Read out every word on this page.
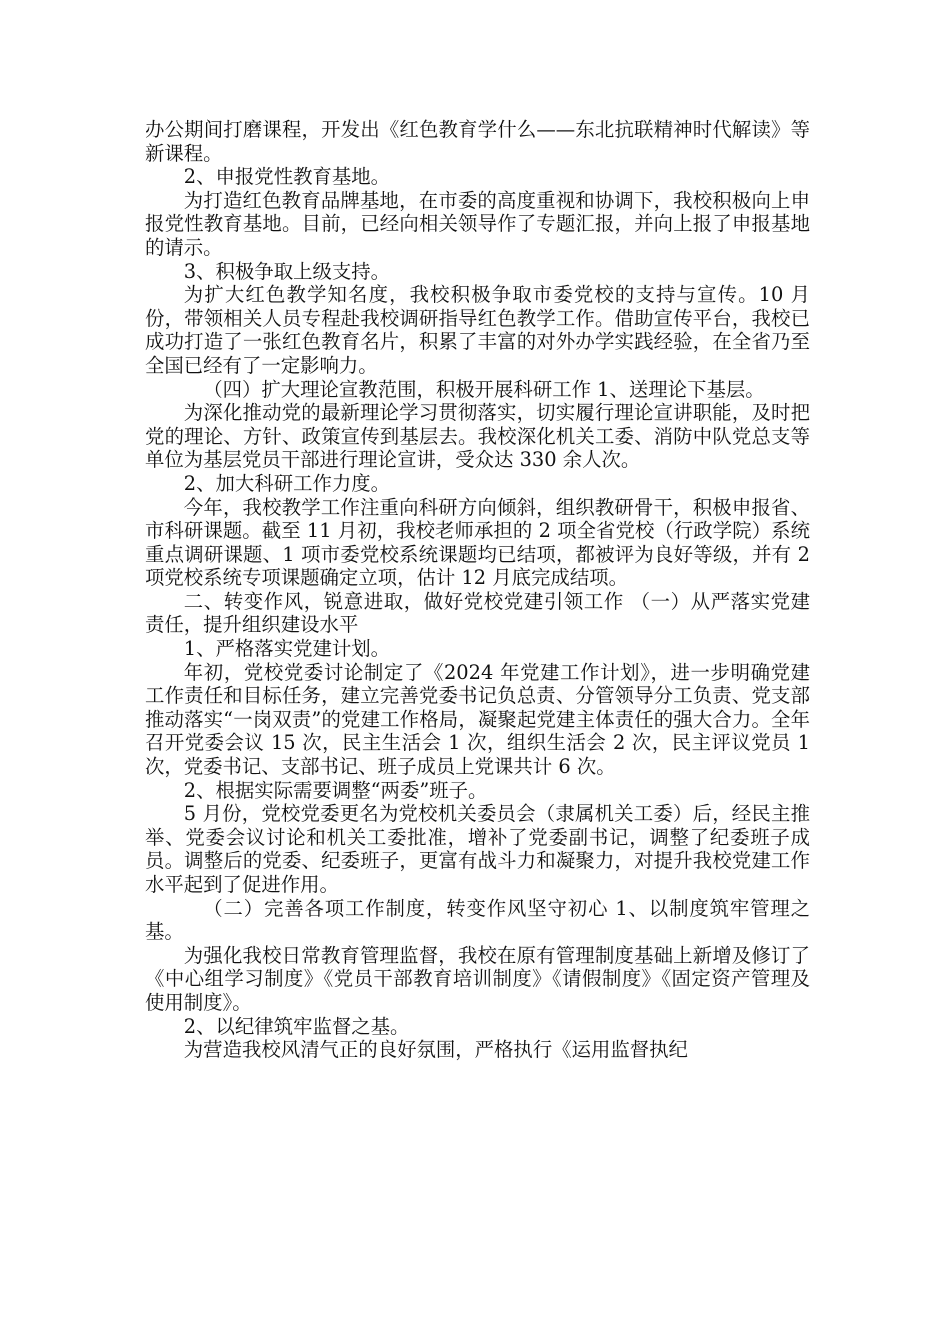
办公期间打磨课程，开发出《红色教育学什么——东北抗联精神时代解读》等新课程。

2、申报党性教育基地。

为打造红色教育品牌基地，在市委的高度重视和协调下，我校积极向上申报党性教育基地。目前，已经向相关领导作了专题汇报，并向上报了申报基地的请示。

3、积极争取上级支持。

为扩大红色教学知名度，我校积极争取市委党校的支持与宣传。10 月份，带领相关人员专程赴我校调研指导红色教学工作。借助宣传平台，我校已成功打造了一张红色教育名片，积累了丰富的对外办学实践经验，在全省乃至全国已经有了一定影响力。

（四）扩大理论宣教范围，积极开展科研工作 1、送理论下基层。

为深化推动党的最新理论学习贯彻落实，切实履行理论宣讲职能，及时把党的理论、方针、政策宣传到基层去。我校深化机关工委、消防中队党总支等单位为基层党员干部进行理论宣讲，受众达 330 余人次。

2、加大科研工作力度。

今年，我校教学工作注重向科研方向倾斜，组织教研骨干，积极申报省、市科研课题。截至 11 月初，我校老师承担的 2 项全省党校（行政学院）系统重点调研课题、1 项市委党校系统课题均已结项，都被评为良好等级，并有 2 项党校系统专项课题确定立项，估计 12 月底完成结项。

二、转变作风，锐意进取，做好党校党建引领工作 （一）从严落实党建责任，提升组织建设水平

1、严格落实党建计划。

年初，党校党委讨论制定了《2024 年党建工作计划》，进一步明确党建工作责任和目标任务，建立完善党委书记负总责、分管领导分工负责、党支部推动落实“一岗双责”的党建工作格局，凝聚起党建主体责任的强大合力。全年召开党委会议 15 次，民主生活会 1 次，组织生活会 2 次，民主评议党员 1 次，党委书记、支部书记、班子成员上党课共计 6 次。

2、根据实际需要调整“两委”班子。

5 月份，党校党委更名为党校机关委员会（隶属机关工委）后，经民主推举、党委会议讨论和机关工委批准，增补了党委副书记，调整了纪委班子成员。调整后的党委、纪委班子，更富有战斗力和凝聚力，对提升我校党建工作水平起到了促进作用。

（二）完善各项工作制度，转变作风坚守初心 1、以制度筑牢管理之基。

为强化我校日常教育管理监督，我校在原有管理制度基础上新增及修订了《中心组学习制度》《党员干部教育培训制度》《请假制度》《固定资产管理及使用制度》。

2、以纪律筑牢监督之基。

为营造我校风清气正的良好氛围，严格执行《运用监督执纪
